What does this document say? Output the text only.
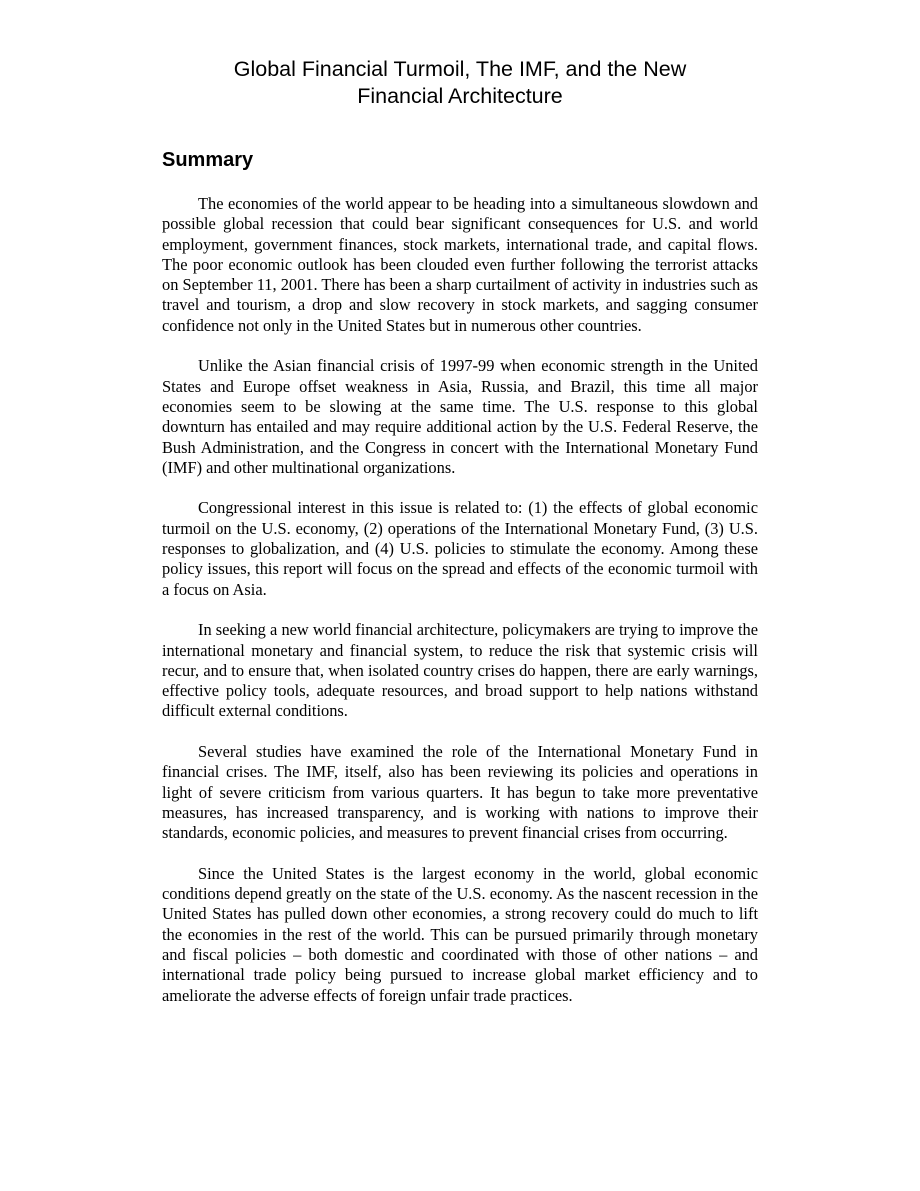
Global Financial Turmoil, The IMF, and the New
Financial Architecture
Summary

The economies of the world appear to be heading into a simultaneous slowdown and possible global recession that could bear significant consequences for U.S. and world employment, government finances, stock markets, international trade, and capital flows. The poor economic outlook has been clouded even further following the terrorist attacks on September 11, 2001. There has been a sharp curtailment of activity in industries such as travel and tourism, a drop and slow recovery in stock markets, and sagging consumer confidence not only in the United States but in numerous other countries.

Unlike the Asian financial crisis of 1997-99 when economic strength in the United States and Europe offset weakness in Asia, Russia, and Brazil, this time all major economies seem to be slowing at the same time. The U.S. response to this global downturn has entailed and may require additional action by the U.S. Federal Reserve, the Bush Administration, and the Congress in concert with the International Monetary Fund (IMF) and other multinational organizations.

Congressional interest in this issue is related to: (1) the effects of global economic turmoil on the U.S. economy, (2) operations of the International Monetary Fund, (3) U.S. responses to globalization, and (4) U.S. policies to stimulate the economy. Among these policy issues, this report will focus on the spread and effects of the economic turmoil with a focus on Asia.

In seeking a new world financial architecture, policymakers are trying to improve the international monetary and financial system, to reduce the risk that systemic crisis will recur, and to ensure that, when isolated country crises do happen, there are early warnings, effective policy tools, adequate resources, and broad support to help nations withstand difficult external conditions.

Several studies have examined the role of the International Monetary Fund in financial crises. The IMF, itself, also has been reviewing its policies and operations in light of severe criticism from various quarters. It has begun to take more preventative measures, has increased transparency, and is working with nations to improve their standards, economic policies, and measures to prevent financial crises from occurring.

Since the United States is the largest economy in the world, global economic conditions depend greatly on the state of the U.S. economy. As the nascent recession in the United States has pulled down other economies, a strong recovery could do much to lift the economies in the rest of the world. This can be pursued primarily through monetary and fiscal policies – both domestic and coordinated with those of other nations – and international trade policy being pursued to increase global market efficiency and to ameliorate the adverse effects of foreign unfair trade practices.
